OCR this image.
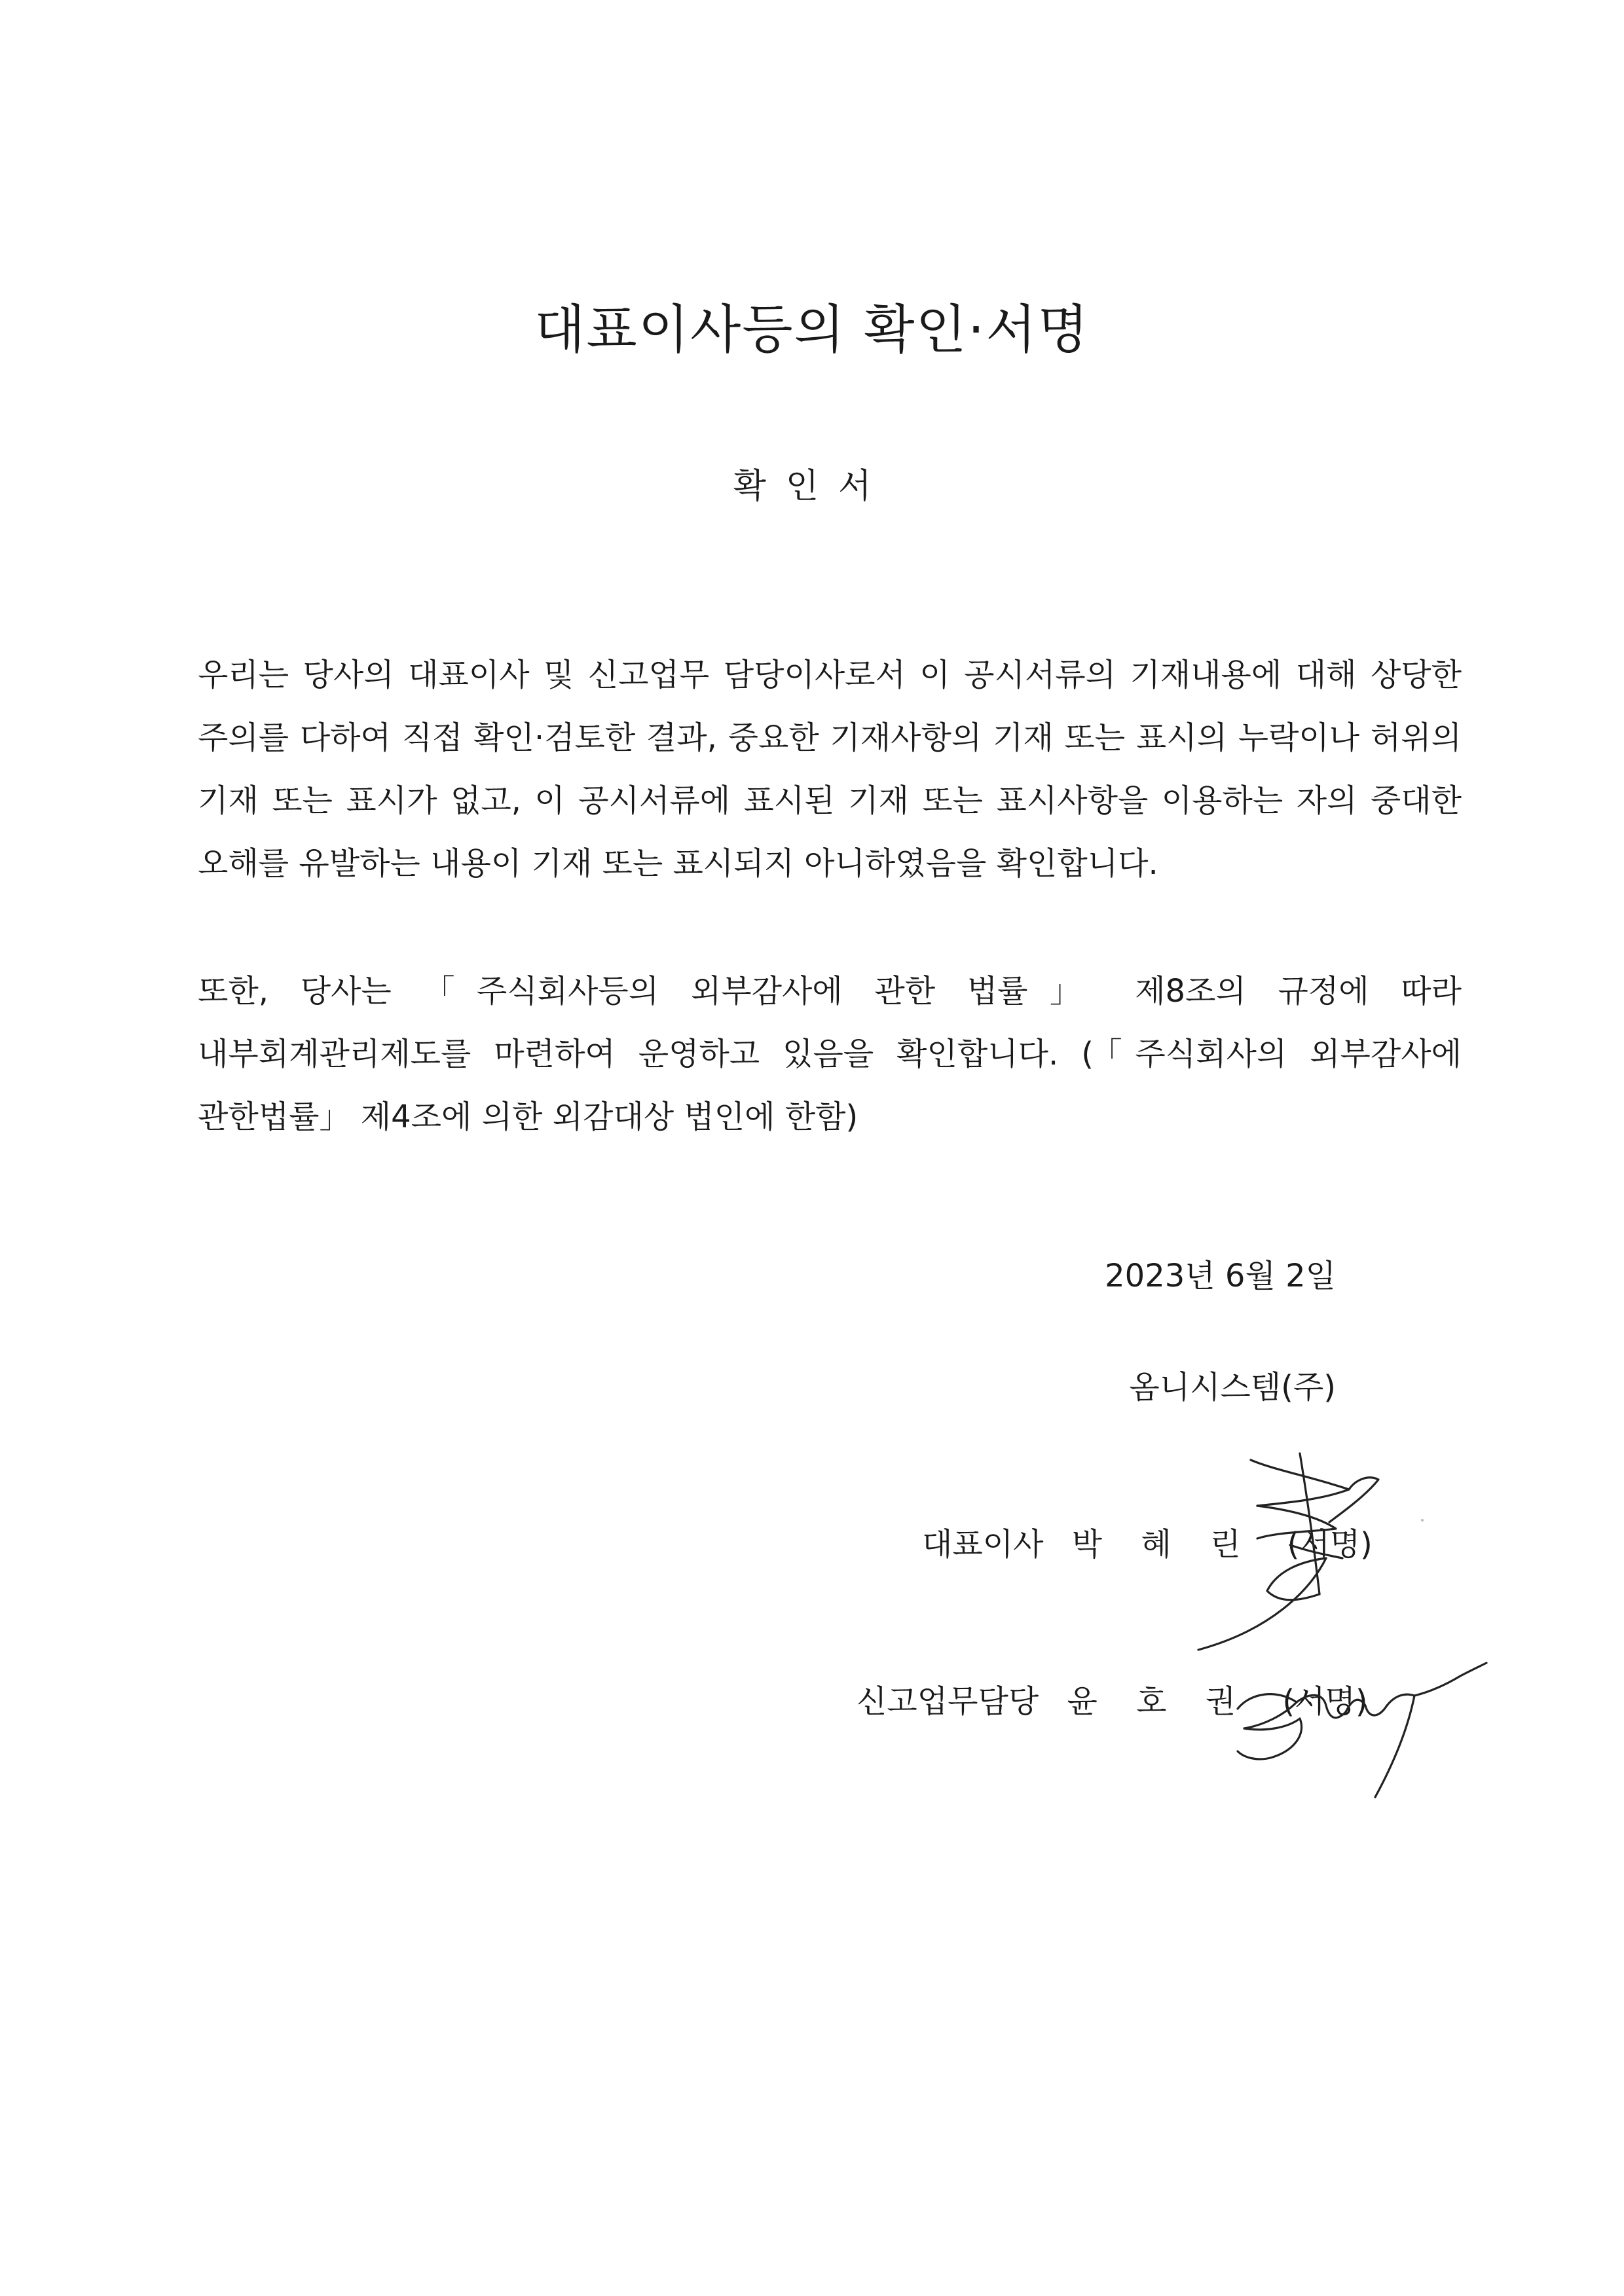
대표이사등의 확인·서명
확인서

우리는 당사의 대표이사 및 신고업무 담당이사로서 이 공시서류의 기재내용에 대해 상당한 주의를 다하여 직접 확인·검토한 결과, 중요한 기재사항의 기재 또는 표시의 누락이나 허위의 기재 또는 표시가 없고, 이 공시서류에 표시된 기재 또는 표시사항을 이용하는 자의 중대한 오해를 유발하는 내용이 기재 또는 표시되지 아니하였음을 확인합니다.

또한, 당사는 「주식회사등의 외부감사에 관한 법률」 제8조의 규정에 따라 내부회계관리제도를 마련하여 운영하고 있음을 확인합니다. (「주식회사의 외부감사에 관한법률」 제4조에 의한 외감대상 법인에 한함)

2023년 6월 2일
옴니시스템(주)
대표이사 박 혜 린 (서명)
신고업무담당 윤 호 권 (서명)
